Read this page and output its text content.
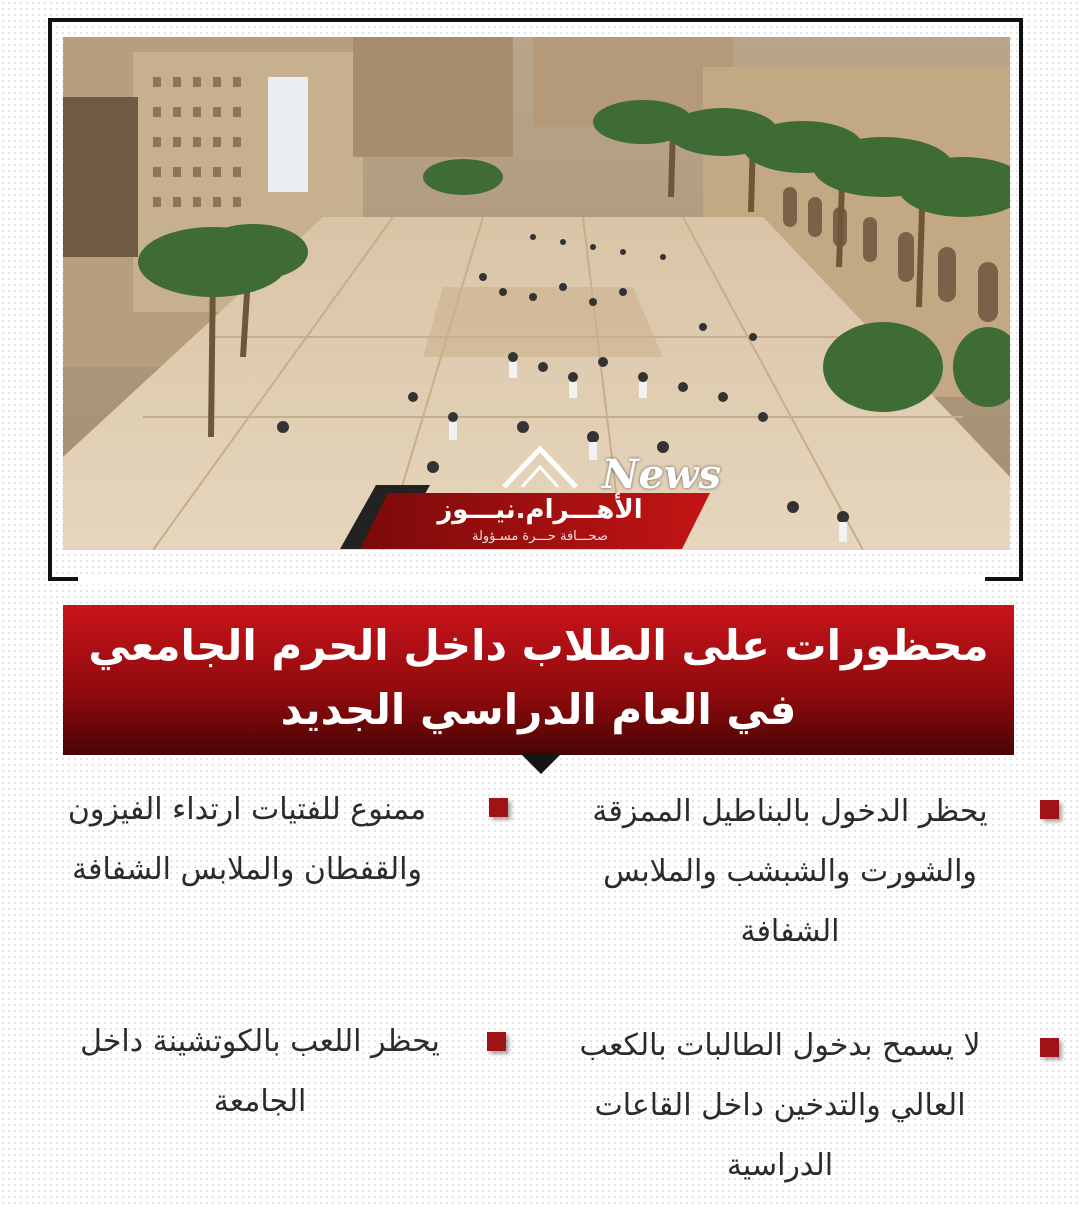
News
الأهـــرام.نيـــوز
صحـــافة حـــرة مسـؤولة
محظورات على الطلاب داخل الحرم الجامعي
في العام الدراسي الجديد
يحظر الدخول بالبناطيل الممزقة والشورت والشبشب والملابس الشفافة
ممنوع للفتيات ارتداء الفيزون والقفطان والملابس الشفافة
لا يسمح بدخول الطالبات بالكعب العالي والتدخين داخل القاعات الدراسية
يحظر اللعب بالكوتشينة داخل الجامعة
